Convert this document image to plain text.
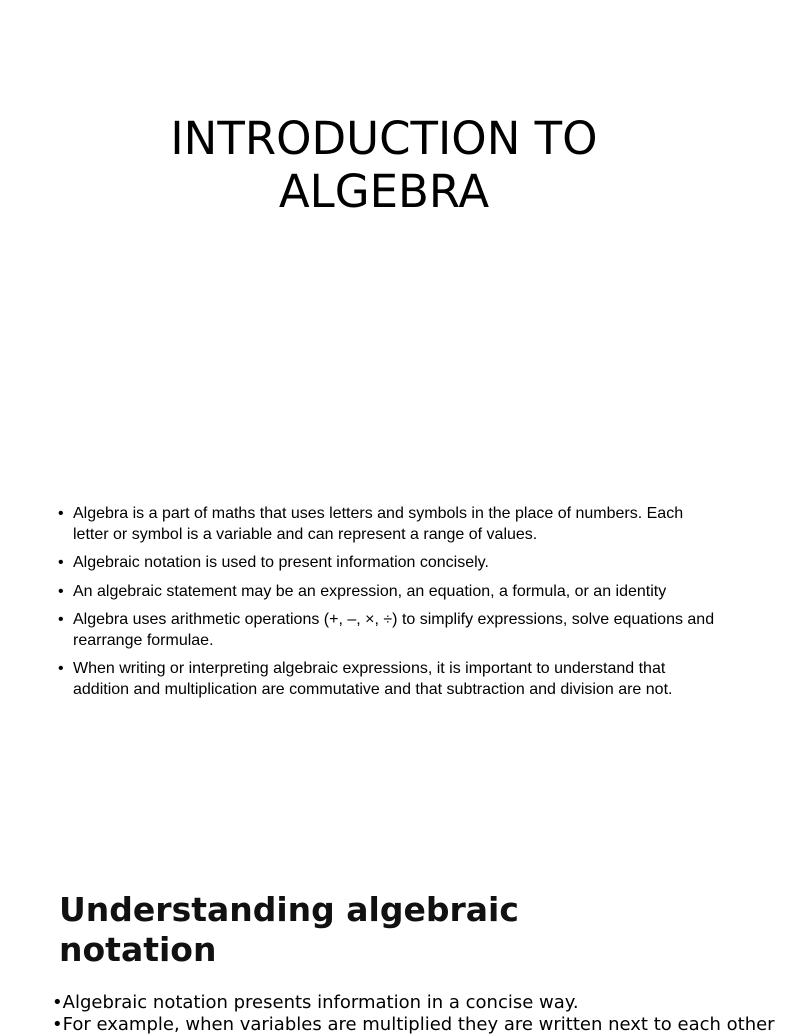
INTRODUCTION TO
ALGEBRA
• Algebra is a part of maths that uses letters and symbols in the place of numbers. Each letter or symbol is a variable and can represent a range of values.
• Algebraic notation is used to present information concisely.
• An algebraic statement may be an expression, an equation, a formula, or an identity
• Algebra uses arithmetic operations (+, –, ×, ÷) to simplify expressions, solve equations and rearrange formulae.
• When writing or interpreting algebraic expressions, it is important to understand that addition and multiplication are commutative and that subtraction and division are not.
Understanding algebraic notation
•Algebraic notation presents information in a concise way.
•For example, when variables are multiplied they are written next to each other
